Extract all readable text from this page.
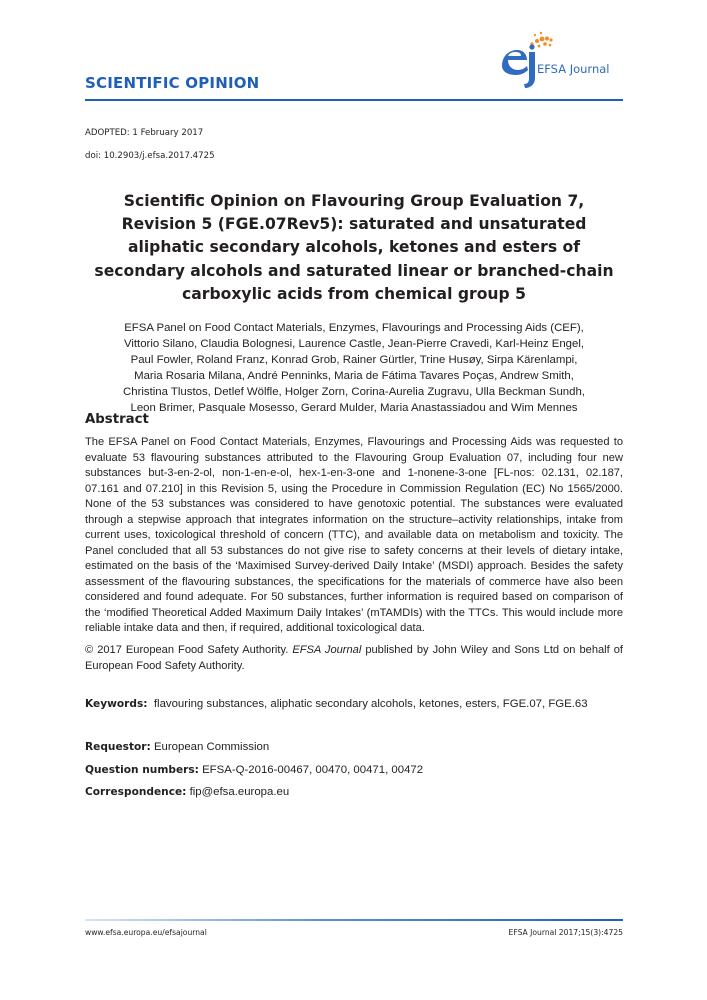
SCIENTIFIC OPINION
EFSA Journal
ADOPTED: 1 February 2017
doi: 10.2903/j.efsa.2017.4725
Scientific Opinion on Flavouring Group Evaluation 7,
Revision 5 (FGE.07Rev5): saturated and unsaturated
aliphatic secondary alcohols, ketones and esters of
secondary alcohols and saturated linear or branched-chain
carboxylic acids from chemical group 5
EFSA Panel on Food Contact Materials, Enzymes, Flavourings and Processing Aids (CEF),
Vittorio Silano, Claudia Bolognesi, Laurence Castle, Jean-Pierre Cravedi, Karl-Heinz Engel,
Paul Fowler, Roland Franz, Konrad Grob, Rainer Gürtler, Trine Husøy, Sirpa Kärenlampi,
Maria Rosaria Milana, André Penninks, Maria de Fátima Tavares Poças, Andrew Smith,
Christina Tlustos, Detlef Wölfle, Holger Zorn, Corina-Aurelia Zugravu, Ulla Beckman Sundh,
Leon Brimer, Pasquale Mosesso, Gerard Mulder, Maria Anastassiadou and Wim Mennes
Abstract

The EFSA Panel on Food Contact Materials, Enzymes, Flavourings and Processing Aids was requested to evaluate 53 flavouring substances attributed to the Flavouring Group Evaluation 07, including four new substances but-3-en-2-ol, non-1-en-e-ol, hex-1-en-3-one and 1-nonene-3-one [FL-nos: 02.131, 02.187, 07.161 and 07.210] in this Revision 5, using the Procedure in Commission Regulation (EC) No 1565/2000. None of the 53 substances was considered to have genotoxic potential. The substances were evaluated through a stepwise approach that integrates information on the structure–activity relationships, intake from current uses, toxicological threshold of concern (TTC), and available data on metabolism and toxicity. The Panel concluded that all 53 substances do not give rise to safety concerns at their levels of dietary intake, estimated on the basis of the ‘Maximised Survey-derived Daily Intake’ (MSDI) approach. Besides the safety assessment of the flavouring substances, the specifications for the materials of commerce have also been considered and found adequate. For 50 substances, further information is required based on comparison of the ‘modified Theoretical Added Maximum Daily Intakes’ (mTAMDIs) with the TTCs. This would include more reliable intake data and then, if required, additional toxicological data.

© 2017 European Food Safety Authority. EFSA Journal published by John Wiley and Sons Ltd on behalf of European Food Safety Authority.

Keywords: flavouring substances, aliphatic secondary alcohols, ketones, esters, FGE.07, FGE.63
Requestor: European Commission
Question numbers: EFSA-Q-2016-00467, 00470, 00471, 00472
Correspondence: fip@efsa.europa.eu
www.efsa.europa.eu/efsajournal	EFSA Journal 2017;15(3):4725
